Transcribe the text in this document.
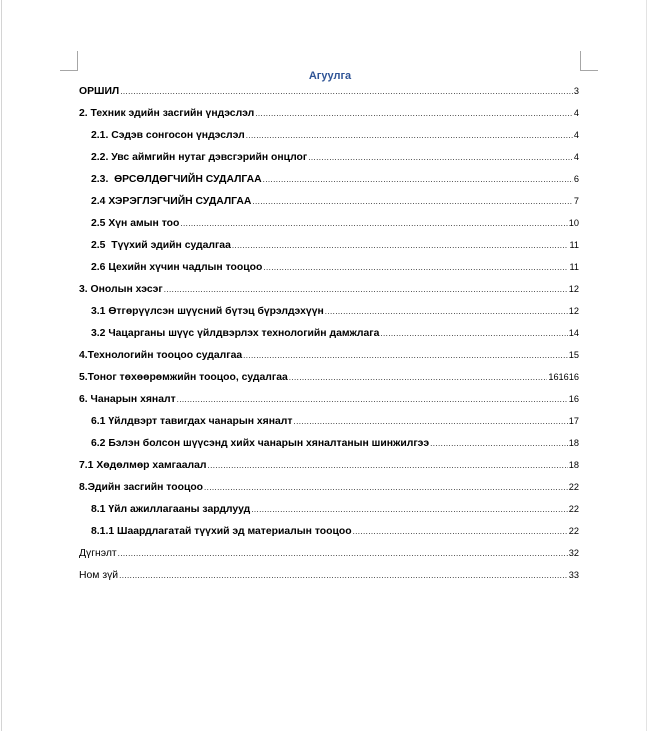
Агуулга
ОРШИЛ .....	3
2. Техник эдийн засгийн үндэслэл .....	4
2.1. Сэдэв сонгосон үндэслэл .....	4
2.2. Увс аймгийн нутаг дэвсгэрийн онцлог .....	4
2.3.  ӨРСӨЛДӨГЧИЙН СУДАЛГАА .....	6
2.4 ХЭРЭГЛЭГЧИЙН СУДАЛГАА .....	7
2.5 Хүн амын тоо .....	10
2.5  Түүхий эдийн судалгаа .....	11
2.6 Цехийн хүчин чадлын тооцоо .....	11
3. Онолын хэсэг .....	12
3.1 Өтгөрүүлсэн шүүсний бүтэц бүрэлдэхүүн .....	12
3.2 Чацарганы шүүс үйлдвэрлэх технологийн дамжлага .....	14
4.Технологийн тооцоо судалгаа .....	15
5.Тоног төхөөрөмжийн тооцоо, судалгаа .....	161616
6. Чанарын хяналт .....	16
6.1 Үйлдвэрт тавигдах чанарын хяналт .....	17
6.2 Бэлэн болсон шүүсэнд хийх чанарын хяналтанын шинжилгээ .....	18
7.1 Хөдөлмөр хамгаалал .....	18
8.Эдийн засгийн тооцоо .....	22
8.1 Үйл ажиллагааны зардлууд .....	22
8.1.1 Шаардлагатай түүхий эд материалын тооцоо .....	22
Дүгнэлт .....	32
Ном зүй .....	33
